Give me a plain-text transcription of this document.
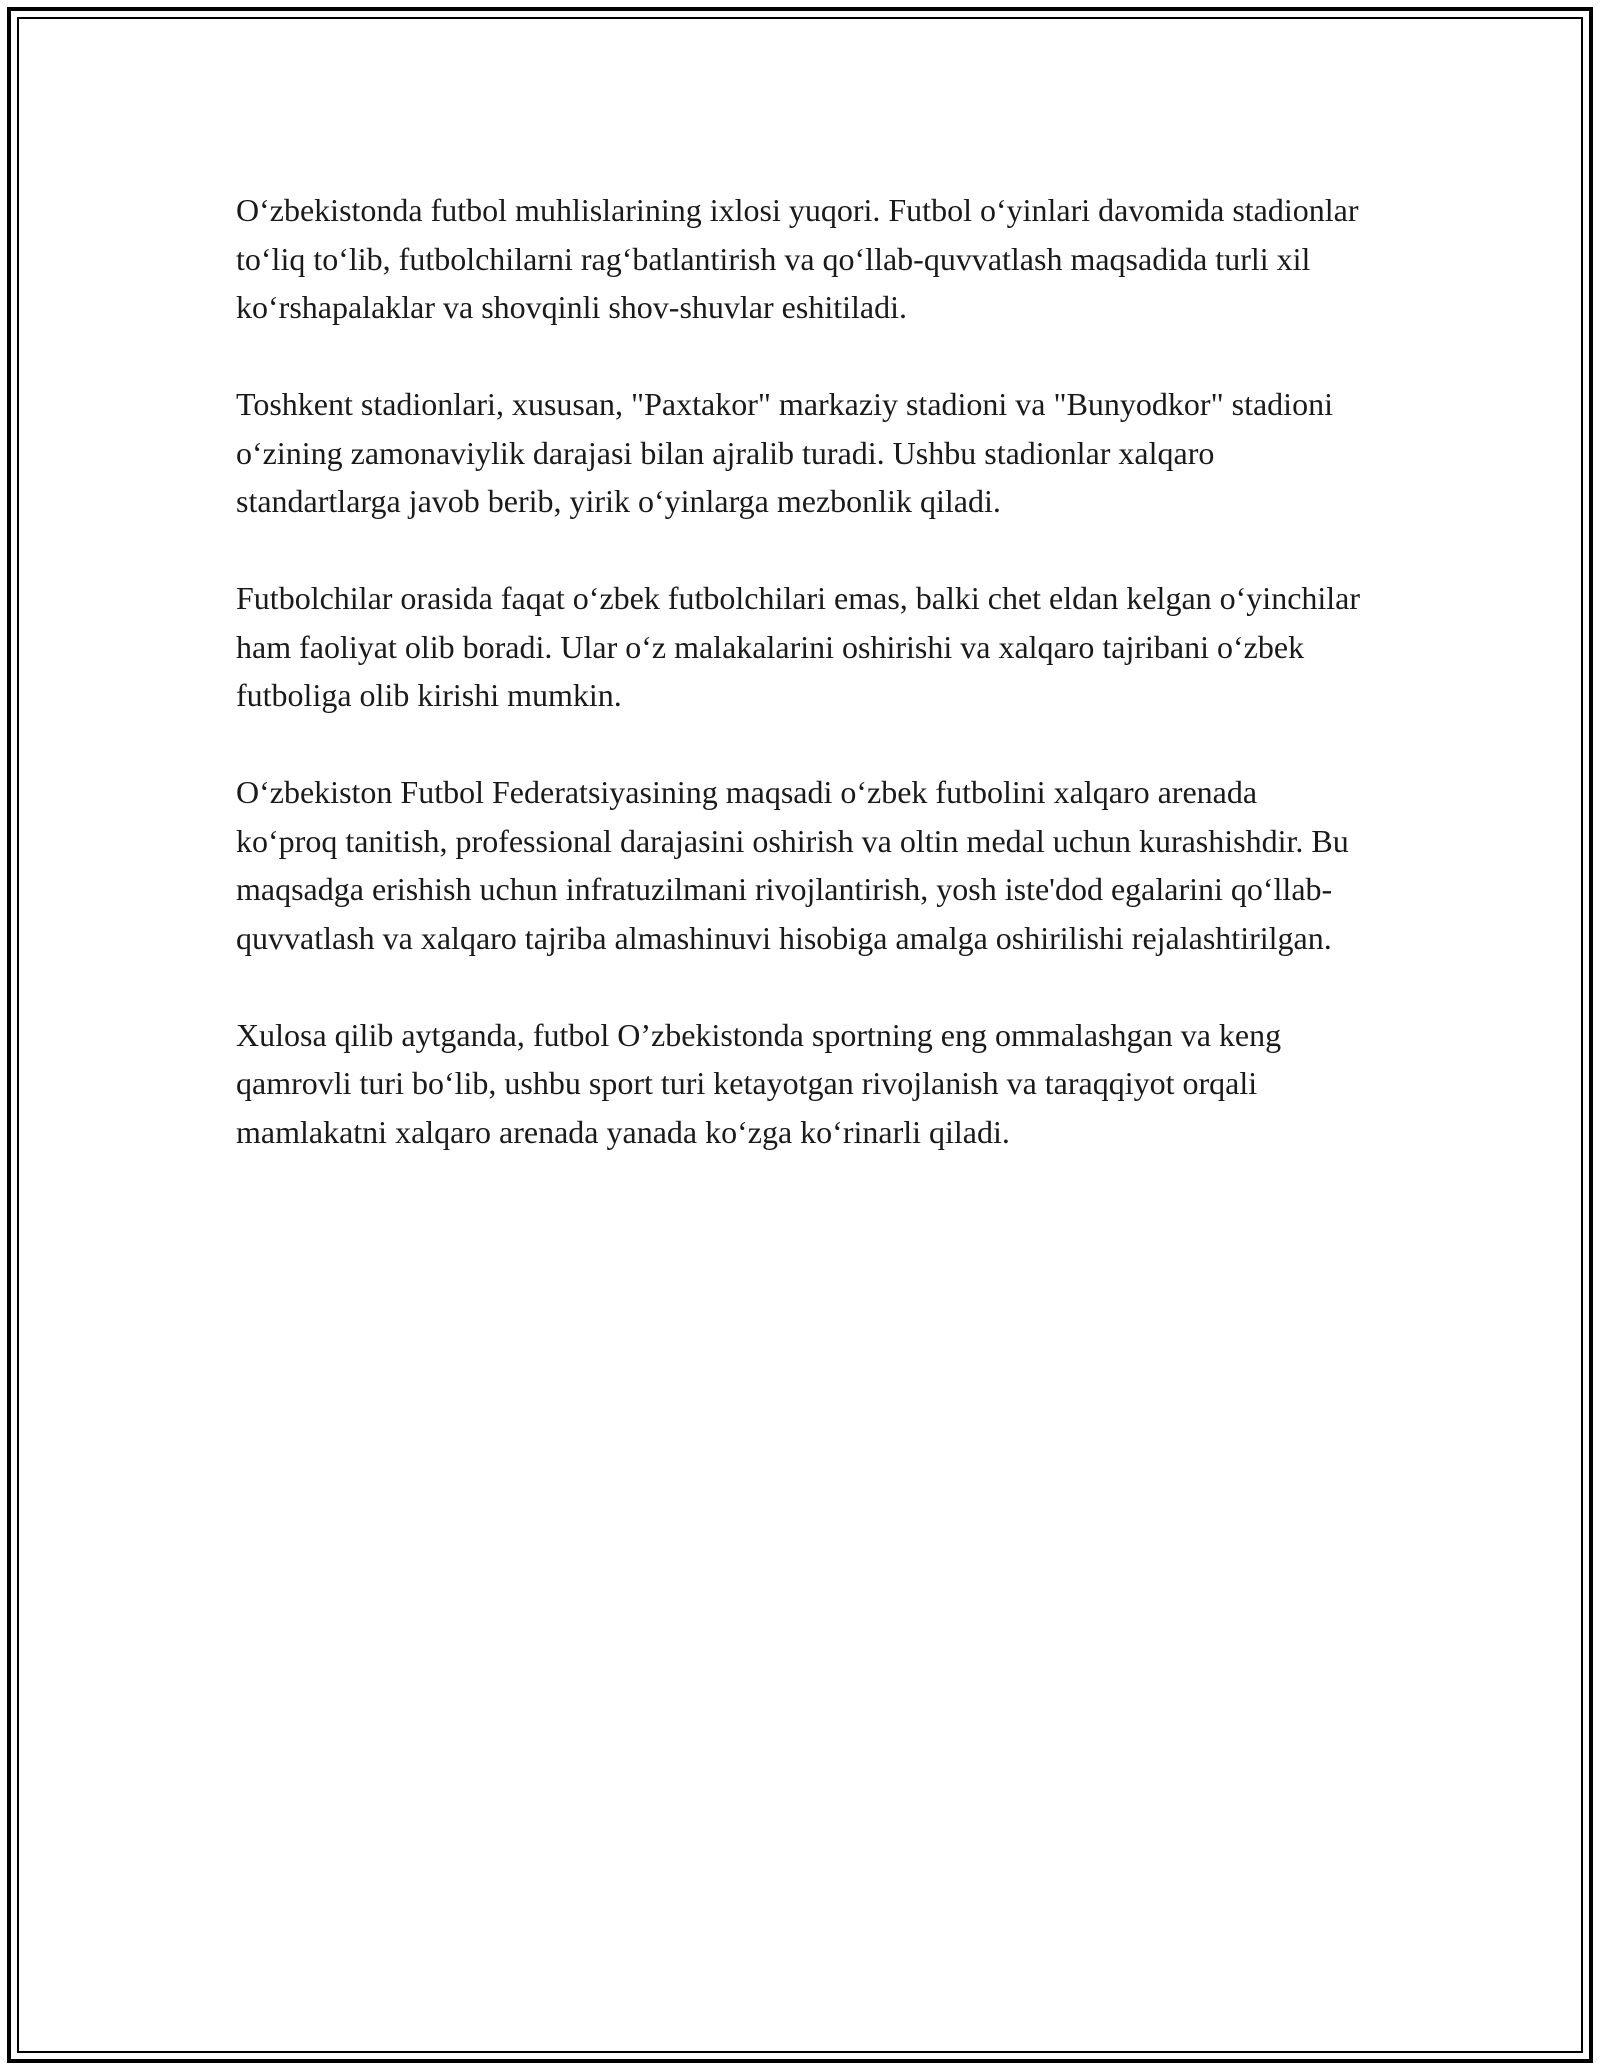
O‘zbekistonda futbol muhlislarining ixlosi yuqori. Futbol o‘yinlari davomida stadionlar to‘liq to‘lib, futbolchilarni rag‘batlantirish va qo‘llab-quvvatlash maqsadida turli xil ko‘rshapalaklar va shovqinli shov-shuvlar eshitiladi.

Toshkent stadionlari, xususan, "Paxtakor" markaziy stadioni va "Bunyodkor" stadioni o‘zining zamonaviylik darajasi bilan ajralib turadi. Ushbu stadionlar xalqaro standartlarga javob berib, yirik o‘yinlarga mezbonlik qiladi.

Futbolchilar orasida faqat o‘zbek futbolchilari emas, balki chet eldan kelgan o‘yinchilar ham faoliyat olib boradi. Ular o‘z malakalarini oshirishi va xalqaro tajribani o‘zbek futboliga olib kirishi mumkin.

O‘zbekiston Futbol Federatsiyasining maqsadi o‘zbek futbolini xalqaro arenada ko‘proq tanitish, professional darajasini oshirish va oltin medal uchun kurashishdir. Bu maqsadga erishish uchun infratuzilmani rivojlantirish, yosh iste'dod egalarini qo‘llab-quvvatlash va xalqaro tajriba almashinuvi hisobiga amalga oshirilishi rejalashtirilgan.

Xulosa qilib aytganda, futbol O’zbekistonda sportning eng ommalashgan va keng qamrovli turi bo‘lib, ushbu sport turi ketayotgan rivojlanish va taraqqiyot orqali mamlakatni xalqaro arenada yanada ko‘zga ko‘rinarli qiladi.
